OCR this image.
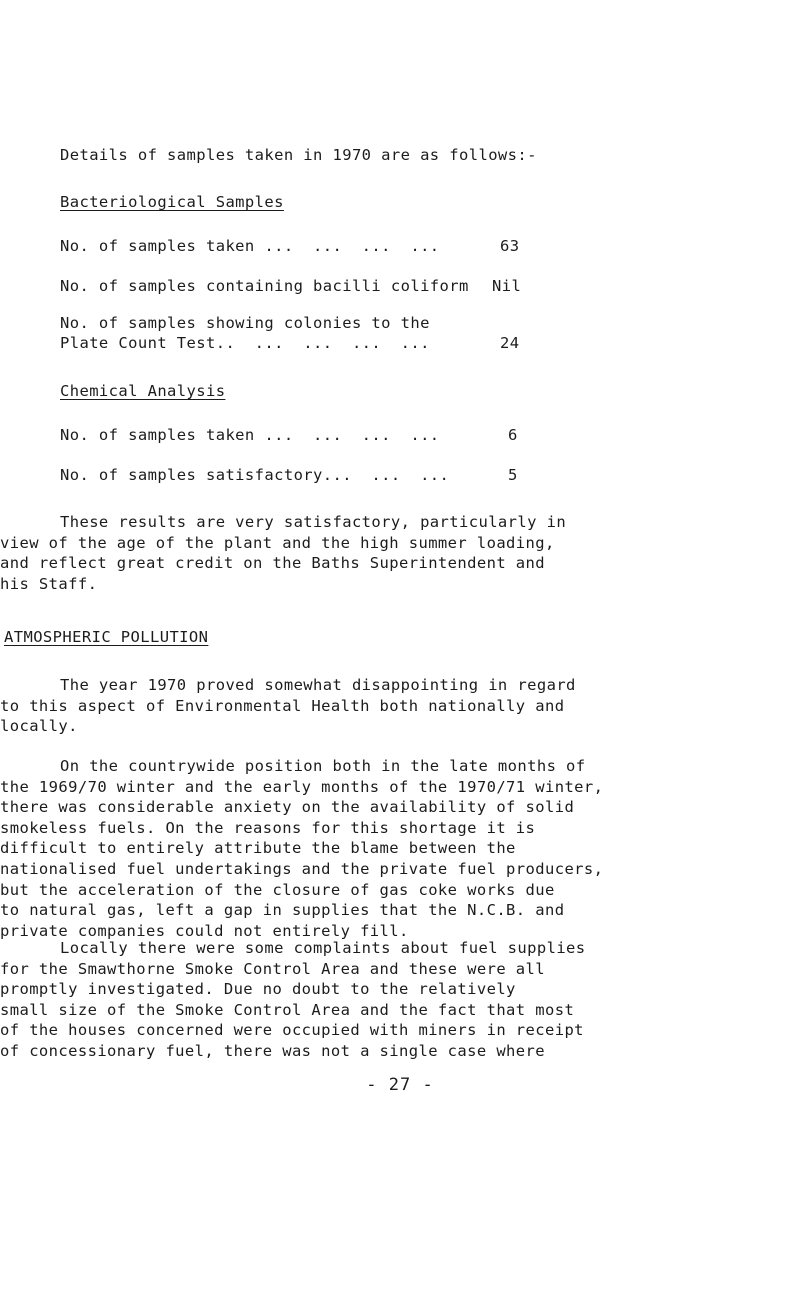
Details of samples taken in 1970 are as follows:-
Bacteriological Samples
No. of samples taken ...  ...  ...  ...	63
No. of samples containing bacilli coliform Nil
No. of samples showing colonies to the
Plate Count Test..  ...  ...  ...  ...	24
Chemical Analysis
No. of samples taken ...  ...  ...  ...	6
No. of samples satisfactory...  ...  ...	5

These results are very satisfactory, particularly in
view of the age of the plant and the high summer loading,
and reflect great credit on the Baths Superintendent and
his Staff.

ATMOSPHERIC POLLUTION
The year 1970 proved somewhat disappointing in regard
to this aspect of Environmental Health both nationally and
locally.
On the countrywide position both in the late months of
the 1969/70 winter and the early months of the 1970/71 winter,
there was considerable anxiety on the availability of solid
smokeless fuels. On the reasons for this shortage it is
difficult to entirely attribute the blame between the
nationalised fuel undertakings and the private fuel producers,
but the acceleration of the closure of gas coke works due
to natural gas, left a gap in supplies that the N.C.B. and
private companies could not entirely fill.
Locally there were some complaints about fuel supplies
for the Smawthorne Smoke Control Area and these were all
promptly investigated. Due no doubt to the relatively
small size of the Smoke Control Area and the fact that most
of the houses concerned were occupied with miners in receipt
of concessionary fuel, there was not a single case where
- 27 -
